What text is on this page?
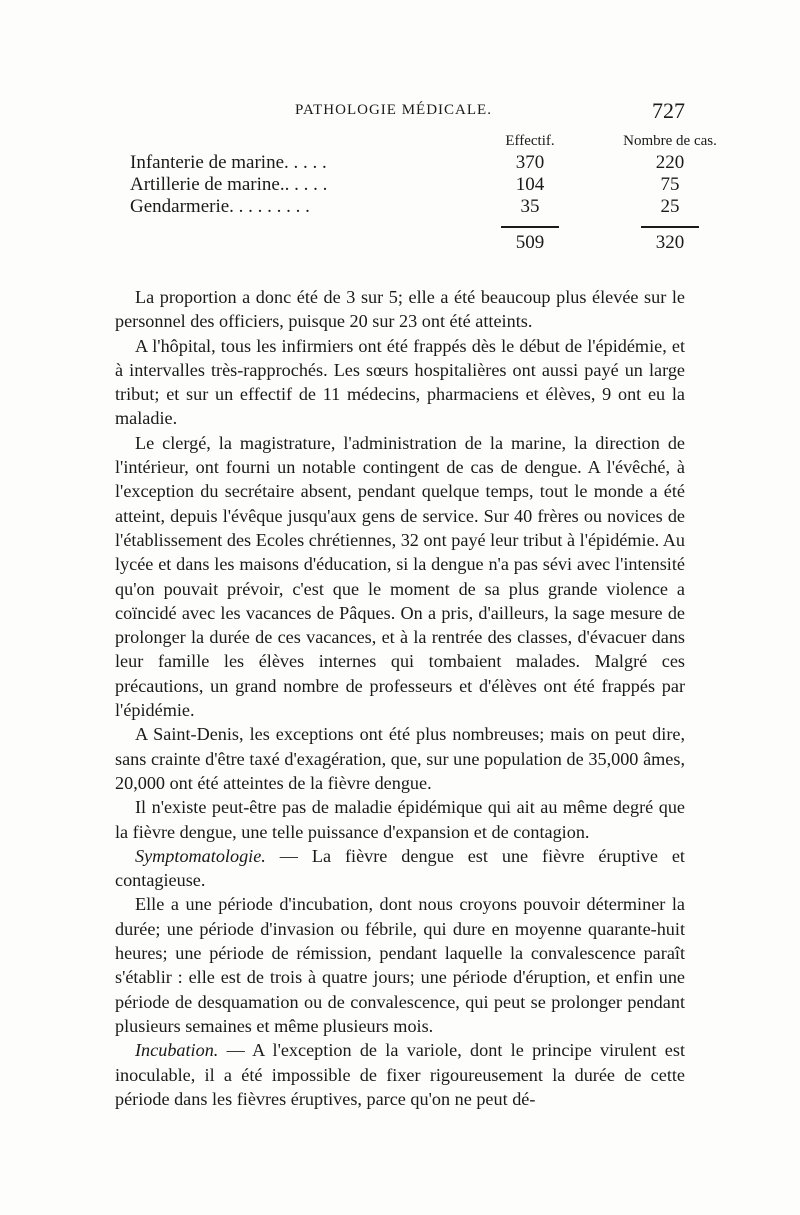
PATHOLOGIE MÉDICALE.	727
	Effectif.	Nombre de cas.
Infanterie de marine. . . . .	370	220
Artillerie de marine.. . . . .	104	75
Gendarmerie. . . . . . . . .	35	25
	509	320

La proportion a donc été de 3 sur 5; elle a été beaucoup plus élevée sur le personnel des officiers, puisque 20 sur 23 ont été atteints.

A l'hôpital, tous les infirmiers ont été frappés dès le début de l'épidémie, et à intervalles très-rapprochés. Les sœurs hospitalières ont aussi payé un large tribut; et sur un effectif de 11 médecins, pharmaciens et élèves, 9 ont eu la maladie.

Le clergé, la magistrature, l'administration de la marine, la direction de l'intérieur, ont fourni un notable contingent de cas de dengue. A l'évêché, à l'exception du secrétaire absent, pendant quelque temps, tout le monde a été atteint, depuis l'évêque jusqu'aux gens de service. Sur 40 frères ou novices de l'établissement des Ecoles chrétiennes, 32 ont payé leur tribut à l'épidémie. Au lycée et dans les maisons d'éducation, si la dengue n'a pas sévi avec l'intensité qu'on pouvait prévoir, c'est que le moment de sa plus grande violence a coïncidé avec les vacances de Pâques. On a pris, d'ailleurs, la sage mesure de prolonger la durée de ces vacances, et à la rentrée des classes, d'évacuer dans leur famille les élèves internes qui tombaient malades. Malgré ces précautions, un grand nombre de professeurs et d'élèves ont été frappés par l'épidémie.

A Saint-Denis, les exceptions ont été plus nombreuses; mais on peut dire, sans crainte d'être taxé d'exagération, que, sur une population de 35,000 âmes, 20,000 ont été atteintes de la fièvre dengue.

Il n'existe peut-être pas de maladie épidémique qui ait au même degré que la fièvre dengue, une telle puissance d'expansion et de contagion.

Symptomatologie. — La fièvre dengue est une fièvre éruptive et contagieuse.

Elle a une période d'incubation, dont nous croyons pouvoir déterminer la durée; une période d'invasion ou fébrile, qui dure en moyenne quarante-huit heures; une période de rémission, pendant laquelle la convalescence paraît s'établir : elle est de trois à quatre jours; une période d'éruption, et enfin une période de desquamation ou de convalescence, qui peut se prolonger pendant plusieurs semaines et même plusieurs mois.

Incubation. — A l'exception de la variole, dont le principe virulent est inoculable, il a été impossible de fixer rigoureusement la durée de cette période dans les fièvres éruptives, parce qu'on ne peut dé-
